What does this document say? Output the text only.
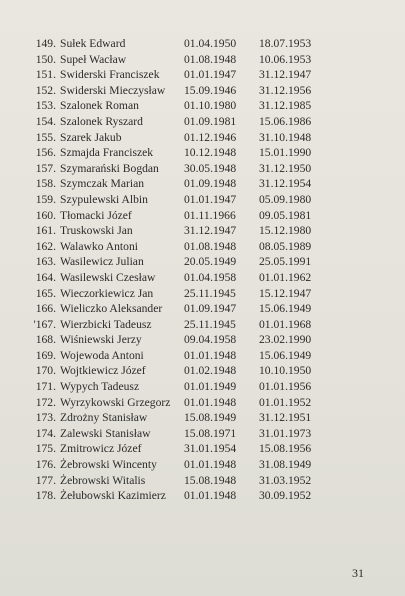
149. Sułek Edward	01.04.1950 18.07.1953
150. Supeł Wacław	01.08.1948 10.06.1953
151. Swiderski Franciszek 01.01.1947 31.12.1947
152. Swiderski Mieczysław 15.09.1946 31.12.1956
153. Szalonek Roman	01.10.1980 31.12.1985
154. Szalonek Ryszard	01.09.1981 15.06.1986
155. Szarek Jakub	01.12.1946 31.10.1948
156. Szmajda Franciszek	10.12.1948 15.01.1990
157. Szymarański Bogdan 30.05.1948 31.12.1950
158. Szymczak Marian	01.09.1948 31.12.1954
159. Szypulewski Albin	01.01.1947 05.09.1980
160. Tłomacki Józef	01.11.1966 09.05.1981
161. Truskowski Jan	31.12.1947 15.12.1980
162. Walawko Antoni	01.08.1948 08.05.1989
163. Wasilewicz Julian	20.05.1949 25.05.1991
164. Wasilewski Czesław 01.04.1958 01.01.1962
165. Wieczorkiewicz Jan	25.11.1945 15.12.1947
166. Wieliczko Aleksander 01.09.1947 15.06.1949
'167. Wierzbicki Tadeusz	25.11.1945 01.01.1968
168. Wiśniewski Jerzy	09.04.1958 23.02.1990
169. Wojewoda Antoni	01.01.1948 15.06.1949
170. Wojtkiewicz Józef	01.02.1948 10.10.1950
171. Wypych Tadeusz	01.01.1949 01.01.1956
172. Wyrzykowski Grzegorz 01.01.1948 01.01.1952
173. Zdrożny Stanisław	15.08.1949 31.12.1951
174. Zalewski Stanisław	15.08.1971 31.01.1973
175. Zmitrowicz Józef	31.01.1954 15.08.1956
176. Żebrowski Wincenty 01.01.1948 31.08.1949
177. Żebrowski Witalis	15.08.1948 31.03.1952
178. Żełubowski Kazimierz 01.01.1948 30.09.1952
31
